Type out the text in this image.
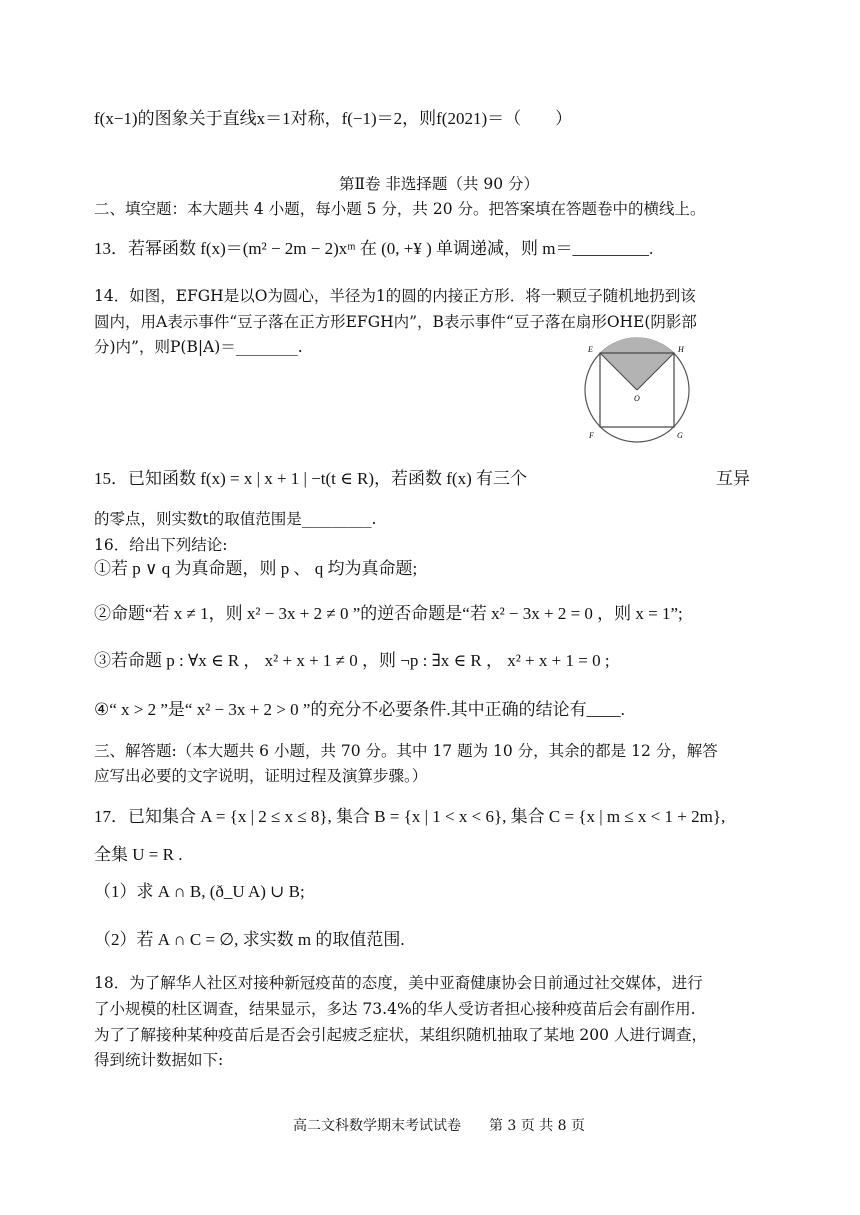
f(x−1)的图象关于直线x＝1对称，f(−1)＝2，则f(2021)＝（　　）
第Ⅱ卷 非选择题（共 90 分）
二、填空题：本大题共 4 小题，每小题 5 分，共 20 分。把答案填在答题卷中的横线上。
13．若幂函数 f(x)＝(m² − 2m − 2)xᵐ 在 (0, +¥ ) 单调递减，则 m＝_________.
14．如图，EFGH是以O为圆心，半径为1的圆的内接正方形．将一颗豆子随机地扔到该
圆内，用A表示事件“豆子落在正方形EFGH内”，B表示事件“豆子落在扇形OHE(阴影部
分)内”，则P(B|A)＝________.	E	H
F	G
O
15．已知函数 f(x) = x | x + 1 | −t(t ∈ R)，若函数 f(x) 有三个	互异
的零点，则实数t的取值范围是_________.
16．给出下列结论:
①若 p ∨ q 为真命题，则 p 、 q 均为真命题;
②命题“若 x ≠ 1，则 x² − 3x + 2 ≠ 0 ”的逆否命题是“若 x² − 3x + 2 = 0 ，则 x = 1”;
③若命题 p : ∀x ∈ R ， x² + x + 1 ≠ 0 ，则 ¬p : ∃x ∈ R ， x² + x + 1 = 0 ;
④“ x > 2 ”是“ x² − 3x + 2 > 0 ”的充分不必要条件.其中正确的结论有____.
三、解答题:（本大题共 6 小题，共 70 分。其中 17 题为 10 分，其余的都是 12 分，解答
应写出必要的文字说明，证明过程及演算步骤。）
17．已知集合 A = {x | 2 ≤ x ≤ 8}, 集合 B = {x | 1 < x < 6}, 集合 C = {x | m ≤ x < 1 + 2m},
全集 U = R .
（1）求 A ∩ B, (ð_U A) ∪ B;
（2）若 A ∩ C = ∅, 求实数 m 的取值范围.
18．为了解华人社区对接种新冠疫苗的态度，美中亚裔健康协会日前通过社交媒体，进行
了小规模的杜区调查，结果显示，多达 73.4%的华人受访者担心接种疫苗后会有副作用.
为了了解接种某种疫苗后是否会引起疲乏症状，某组织随机抽取了某地 200 人进行调查，
得到统计数据如下:
高二文科数学期末考试试卷　　第 3 页 共 8 页
